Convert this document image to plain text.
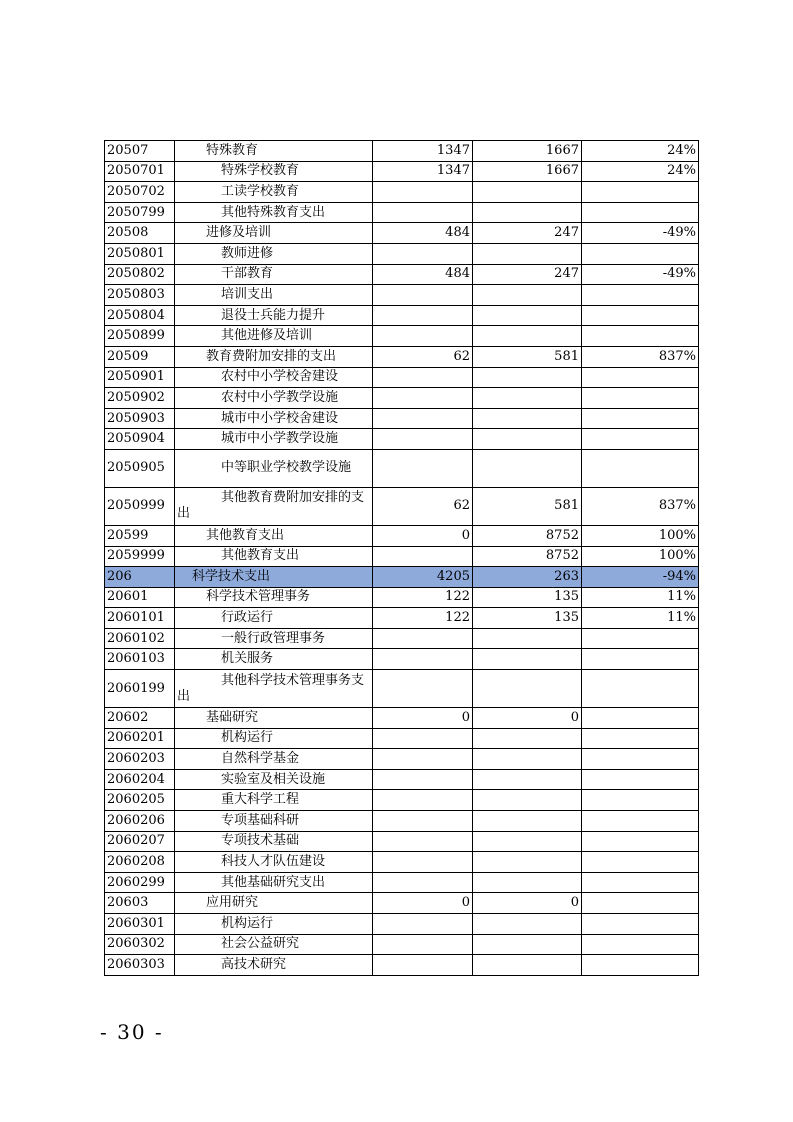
20507	特殊教育	1347	1667	24%
2050701	特殊学校教育	1347	1667	24%
2050702	工读学校教育			

2050799	其他特殊教育支出			

20508	进修及培训	484	247	-49%
2050801	教师进修			

2050802	干部教育	484	247	-49%
2050803	培训支出			

2050804	退役士兵能力提升			

2050899	其他进修及培训			

20509	教育费附加安排的支出	62	581	837%
2050901	农村中小学校舍建设			

2050902	农村中小学教学设施			

2050903	城市中小学校舍建设			

2050904	城市中小学教学设施			

2050905	中等职业学校教学设施			

2050999	其他教育费附加安排的支出	62	581	837%
20599	其他教育支出	0	8752	100%
2059999	其他教育支出		8752	100%
206	科学技术支出	4205	263	-94%
20601	科学技术管理事务	122	135	11%
2060101	行政运行	122	135	11%
2060102	一般行政管理事务			

2060103	机关服务			

2060199	其他科学技术管理事务支出			

20602	基础研究	0	0	
2060201	机构运行			

2060203	自然科学基金			

2060204	实验室及相关设施			

2060205	重大科学工程			

2060206	专项基础科研			

2060207	专项技术基础			

2060208	科技人才队伍建设			

2060299	其他基础研究支出			

20603	应用研究	0	0	
2060301	机构运行			

2060302	社会公益研究			

2060303	高技术研究			

- 30 -
